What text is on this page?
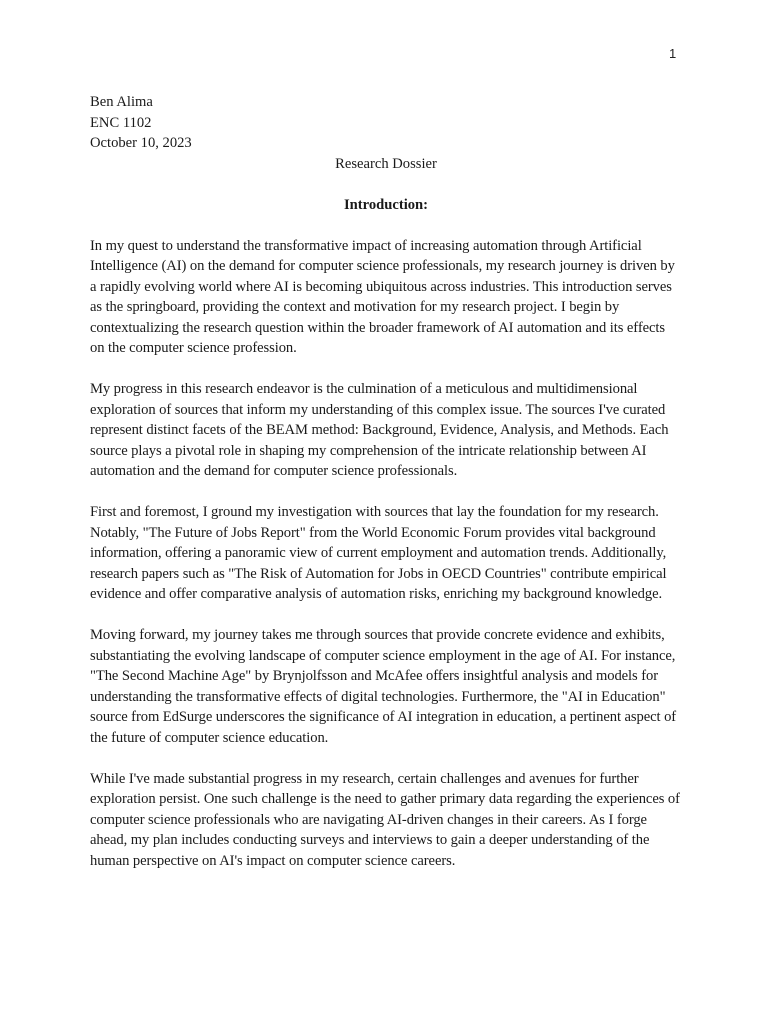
1
Ben Alima
ENC 1102
October 10, 2023
Research Dossier
Introduction:

In my quest to understand the transformative impact of increasing automation through Artificial Intelligence (AI) on the demand for computer science professionals, my research journey is driven by a rapidly evolving world where AI is becoming ubiquitous across industries. This introduction serves as the springboard, providing the context and motivation for my research project. I begin by contextualizing the research question within the broader framework of AI automation and its effects on the computer science profession.

My progress in this research endeavor is the culmination of a meticulous and multidimensional exploration of sources that inform my understanding of this complex issue. The sources I've curated represent distinct facets of the BEAM method: Background, Evidence, Analysis, and Methods. Each source plays a pivotal role in shaping my comprehension of the intricate relationship between AI automation and the demand for computer science professionals.

First and foremost, I ground my investigation with sources that lay the foundation for my research. Notably, "The Future of Jobs Report" from the World Economic Forum provides vital background information, offering a panoramic view of current employment and automation trends. Additionally, research papers such as "The Risk of Automation for Jobs in OECD Countries" contribute empirical evidence and offer comparative analysis of automation risks, enriching my background knowledge.

Moving forward, my journey takes me through sources that provide concrete evidence and exhibits, substantiating the evolving landscape of computer science employment in the age of AI. For instance, "The Second Machine Age" by Brynjolfsson and McAfee offers insightful analysis and models for understanding the transformative effects of digital technologies. Furthermore, the "AI in Education" source from EdSurge underscores the significance of AI integration in education, a pertinent aspect of the future of computer science education.

While I've made substantial progress in my research, certain challenges and avenues for further exploration persist. One such challenge is the need to gather primary data regarding the experiences of computer science professionals who are navigating AI-driven changes in their careers. As I forge ahead, my plan includes conducting surveys and interviews to gain a deeper understanding of the human perspective on AI's impact on computer science careers.
